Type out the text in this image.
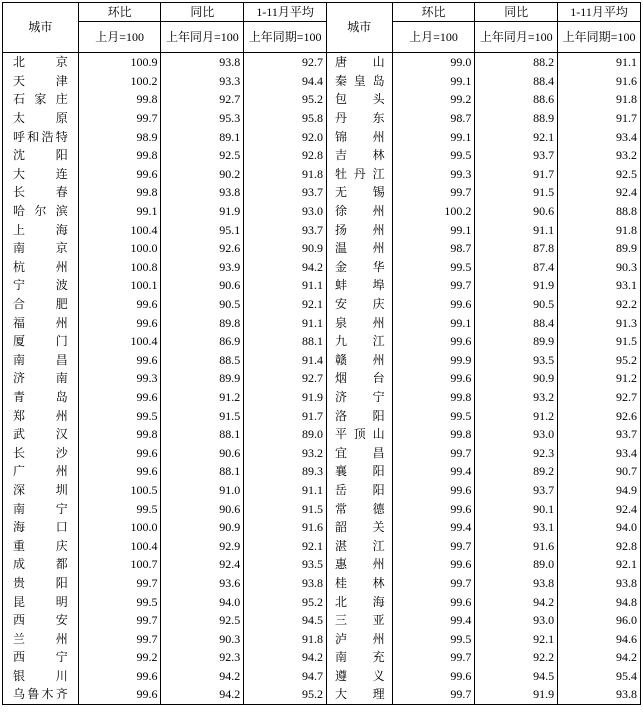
城市	环比	同比	1-11月平均	城市	环比	同比	1-11月平均
	上月=100	上年同月=100	上年同期=100		上月=100	上年同月=100	上年同期=100
北京	100.9	93.8	92.7	唐山	99.0	88.2	91.1
天津	100.2	93.3	94.4	秦皇岛	99.1	88.4	91.6
石家庄	99.8	92.7	95.2	包头	99.2	88.6	91.8
太原	99.7	95.3	95.8	丹东	98.7	88.9	91.7
呼和浩特	98.9	89.1	92.0	锦州	99.1	92.1	93.4
沈阳	99.8	92.5	92.8	吉林	99.5	93.7	93.2
大连	99.6	90.2	91.8	牡丹江	99.3	91.7	92.5
长春	99.8	93.8	93.7	无锡	99.7	91.5	92.4
哈尔滨	99.1	91.9	93.0	徐州	100.2	90.6	88.8
上海	100.4	95.1	93.7	扬州	99.1	91.1	91.8
南京	100.0	92.6	90.9	温州	98.7	87.8	89.9
杭州	100.8	93.9	94.2	金华	99.5	87.4	90.3
宁波	100.1	90.6	91.1	蚌埠	99.7	91.9	93.1
合肥	99.6	90.5	92.1	安庆	99.6	90.5	92.2
福州	99.6	89.8	91.1	泉州	99.1	88.4	91.3
厦门	100.4	86.9	88.1	九江	99.6	89.9	91.5
南昌	99.6	88.5	91.4	赣州	99.9	93.5	95.2
济南	99.3	89.9	92.7	烟台	99.6	90.9	91.2
青岛	99.6	91.2	91.9	济宁	99.8	93.2	92.7
郑州	99.5	91.5	91.7	洛阳	99.5	91.2	92.6
武汉	99.8	88.1	89.0	平顶山	99.8	93.0	93.7
长沙	99.6	90.6	93.2	宜昌	99.7	92.3	93.4
广州	99.6	88.1	89.3	襄阳	99.4	89.2	90.7
深圳	100.5	91.0	91.1	岳阳	99.6	93.7	94.9
南宁	99.5	90.6	91.5	常德	99.6	90.1	92.4
海口	100.0	90.9	91.6	韶关	99.4	93.1	94.0
重庆	100.4	92.9	92.1	湛江	99.7	91.6	92.8
成都	100.7	92.4	93.5	惠州	99.6	89.0	92.1
贵阳	99.7	93.6	93.8	桂林	99.7	93.8	93.8
昆明	99.5	94.0	95.2	北海	99.6	94.2	94.8
西安	99.7	92.5	94.5	三亚	99.4	93.0	96.0
兰州	99.7	90.3	91.8	泸州	99.5	92.1	94.6
西宁	99.2	92.3	94.2	南充	99.7	92.2	94.2
银川	99.6	94.2	94.7	遵义	99.6	94.5	95.4
乌鲁木齐	99.6	94.2	95.2	大理	99.7	91.9	93.8
